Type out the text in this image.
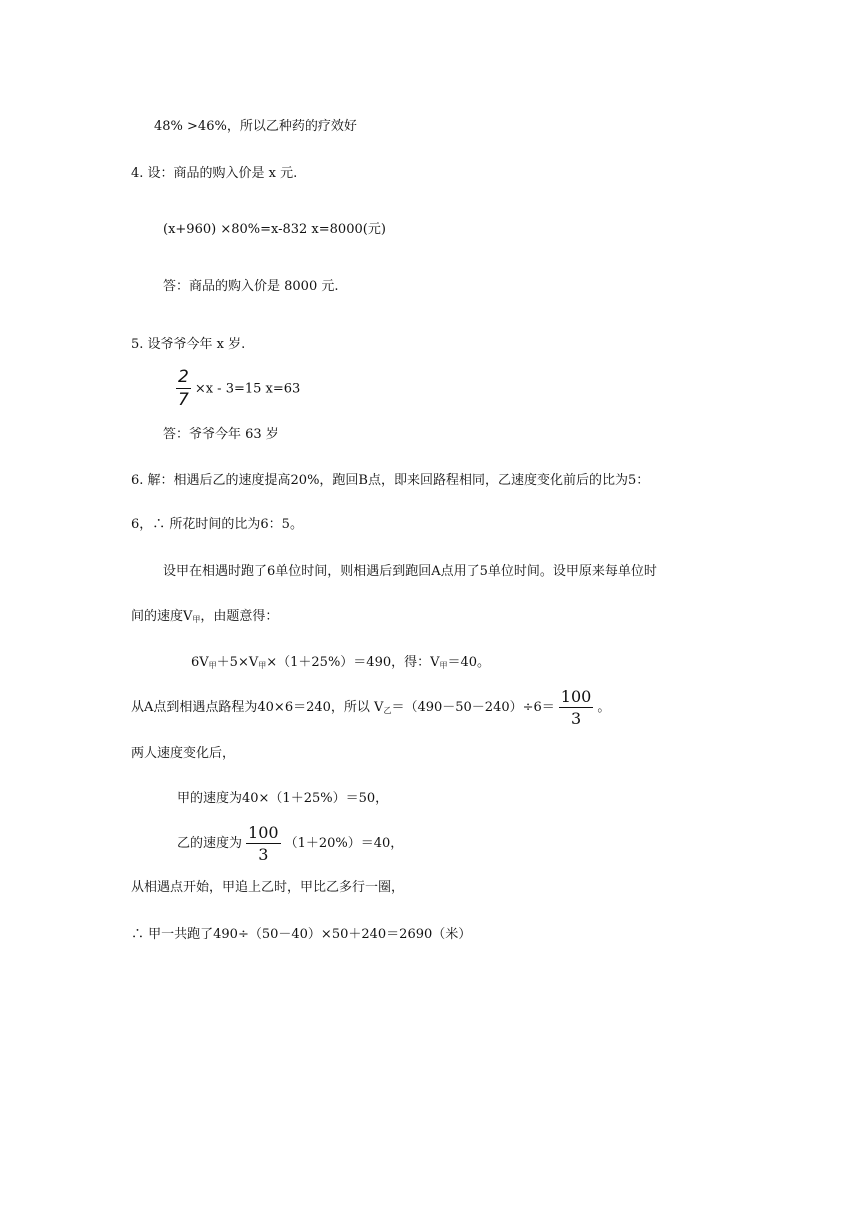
48% >46%，所以乙种药的疗效好
4. 设：商品的购入价是 x 元.
(x+960) ×80%=x-832 x=8000(元)
答：商品的购入价是 8000 元.
5. 设爷爷今年 x 岁.
$\frac{2}{7} \times x - 3=15$ x=63
答：爷爷今年 63 岁
6. 解：相遇后乙的速度提高20%，跑回B点，即来回路程相同，乙速度变化前后的比为5：
6，∴ 所花时间的比为6：5。
设甲在相遇时跑了6单位时间，则相遇后到跑回A点用了5单位时间。设甲原来每单位时
间的速度$V_甲$，由题意得：
$6V_甲+5\times V_甲\times(1+25\%)=490$，得：$V_甲=40$。
从A点到相遇点路程为40×6＝240，所以 $V_乙=(490-50-240)\div 6= \frac{100}{3}$ 。
两人速度变化后，
甲的速度为40×（1＋25%）＝50，
乙的速度为 $\frac{100}{3} (1+20\%)=40$，
从相遇点开始，甲追上乙时，甲比乙多行一圈，
∴ 甲一共跑了490÷（50－40）×50＋240＝2690（米）
